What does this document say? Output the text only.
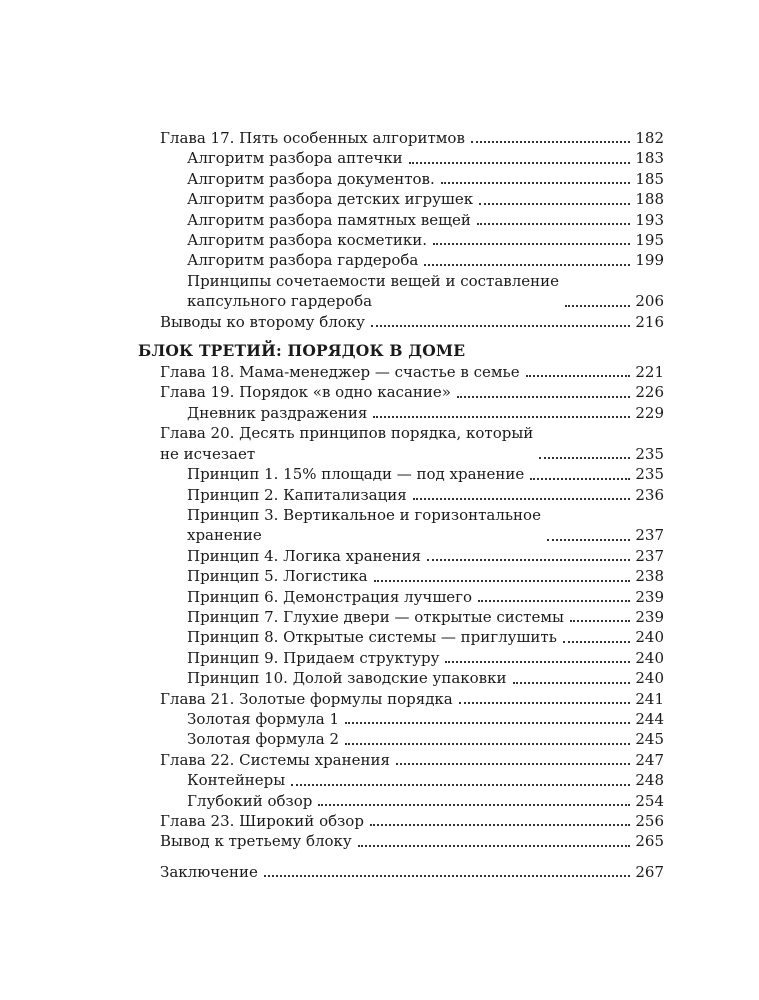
Глава 17. Пять особенных алгоритмов	182
Алгоритм разбора аптечки	183
Алгоритм разбора документов.	185
Алгоритм разбора детских игрушек	188
Алгоритм разбора памятных вещей	193
Алгоритм разбора косметики.	195
Алгоритм разбора гардероба	199
Принципы сочетаемости вещей и составление
капсульного гардероба	206
Выводы ко второму блоку	216
БЛОК ТРЕТИЙ: ПОРЯДОК В ДОМЕ
Глава 18. Мама-менеджер — счастье в семье	221
Глава 19. Порядок «в одно касание»	226
Дневник раздражения	229
Глава 20. Десять принципов порядка, который
не исчезает	235
Принцип 1. 15% площади — под хранение	235
Принцип 2. Капитализация	236
Принцип 3. Вертикальное и горизонтальное
хранение	237
Принцип 4. Логика хранения	237
Принцип 5. Логистика	238
Принцип 6. Демонстрация лучшего	239
Принцип 7. Глухие двери — открытые системы	239
Принцип 8. Открытые системы — приглушить	240
Принцип 9. Придаем структуру	240
Принцип 10. Долой заводские упаковки	240
Глава 21. Золотые формулы порядка	241
Золотая формула 1	244
Золотая формула 2	245
Глава 22. Системы хранения	247
Контейнеры	248
Глубокий обзор	254
Глава 23. Широкий обзор	256
Вывод к третьему блоку	265
Заключение	267
